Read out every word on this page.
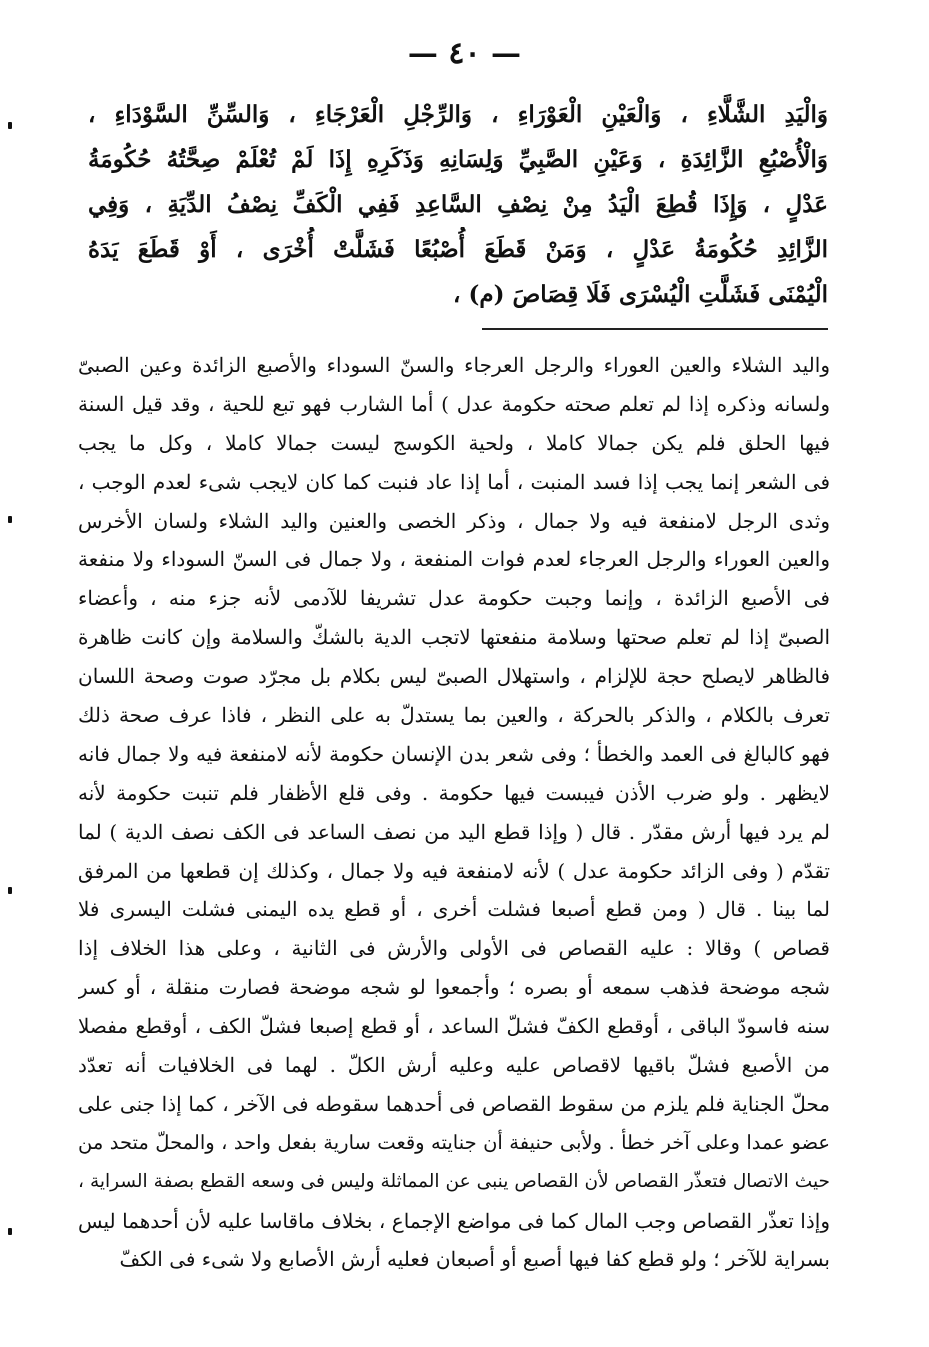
— ٤٠ —
وَالْيَدِ الشَّلَّاءِ ، وَالْعَيْنِ الْعَوْرَاءِ ، وَالرِّجْلِ الْعَرْجَاءِ ، وَالسِّنِّ السَّوْدَاءِ ،
وَالْأُصْبُعِ الزَّائِدَةِ ، وَعَيْنِ الصَّبِيِّ وَلِسَانِهِ وَذَكَرِهِ إِذَا لَمْ تُعْلَمْ صِحَّتُهُ حُكُومَةُ
عَدْلٍ ، وَإِذَا قُطِعَ الْيَدُ مِنْ نِصْفِ السَّاعِدِ فَفِي الْكَفِّ نِصْفُ الدِّيَةِ ، وَفِي
الزَّائِدِ حُكُومَةُ عَدْلٍ ، وَمَنْ قَطَعَ أُصْبُعًا فَشَلَّتْ أُخْرَى ، أَوْ قَطَعَ يَدَهُ
الْيُمْنَى فَشَلَّتِ الْيُسْرَى فَلَا قِصَاصَ (م) ،
واليد الشلاء والعين العوراء والرجل العرجاء والسنّ السوداء والأصبع الزائدة وعين الصبىّ
ولسانه وذكره إذا لم تعلم صحته حكومة عدل ) أما الشارب فهو تبع للحية ، وقد قيل السنة
فيها الحلق فلم يكن جمالا كاملا ، ولحية الكوسج ليست جمالا كاملا ، وكل ما يجب
فى الشعر إنما يجب إذا فسد المنبت ، أما إذا عاد فنبت كما كان لايجب شىء لعدم الوجب ،
وثدى الرجل لامنفعة فيه ولا جمال ، وذكر الخصى والعنين واليد الشلاء ولسان الأخرس
والعين العوراء والرجل العرجاء لعدم فوات المنفعة ، ولا جمال فى السنّ السوداء ولا منفعة
فى الأصبع الزائدة ، وإنما وجبت حكومة عدل تشريفا للآدمى لأنه جزء منه ، وأعضاء
الصبىّ إذا لم تعلم صحتها وسلامة منفعتها لاتجب الدية بالشكّ والسلامة وإن كانت ظاهرة
فالظاهر لايصلح حجة للإلزام ، واستهلال الصبىّ ليس بكلام بل مجرّد صوت وصحة اللسان
تعرف بالكلام ، والذكر بالحركة ، والعين بما يستدلّ به على النظر ، فاذا عرف صحة ذلك
فهو كالبالغ فى العمد والخطأ ؛ وفى شعر بدن الإنسان حكومة لأنه لامنفعة فيه ولا جمال فانه
لايظهر . ولو ضرب الأذن فيبست فيها حكومة . وفى قلع الأظفار فلم تنبت حكومة لأنه
لم يرد فيها أرش مقدّر . قال ( وإذا قطع اليد من نصف الساعد فى الكف نصف الدية ) لما
تقدّم ( وفى الزائد حكومة عدل ) لأنه لامنفعة فيه ولا جمال ، وكذلك إن قطعها من المرفق
لما بينا . قال ( ومن قطع أصبعا فشلت أخرى ، أو قطع يده اليمنى فشلت اليسرى فلا
قصاص ) وقالا : عليه القصاص فى الأولى والأرش فى الثانية ، وعلى هذا الخلاف إذا
شجه موضحة فذهب سمعه أو بصره ؛ وأجمعوا لو شجه موضحة فصارت منقلة ، أو كسر
سنه فاسودّ الباقى ، أوقطع الكفّ فشلّ الساعد ، أو قطع إصبعا فشلّ الكف ، أوقطع مفصلا
من الأصبع فشلّ باقيها لاقصاص عليه وعليه أرش الكلّ . لهما فى الخلافيات أنه تعدّد
محلّ الجناية فلم يلزم من سقوط القصاص فى أحدهما سقوطه فى الآخر ، كما إذا جنى على
عضو عمدا وعلى آخر خطأ . ولأبى حنيفة أن جنايته وقعت سارية بفعل واحد ، والمحلّ متحد من
حيث الاتصال فتعذّر القصاص لأن القصاص ينبى عن المماثلة وليس فى وسعه القطع بصفة السراية ،
وإذا تعذّر القصاص وجب المال كما فى مواضع الإجماع ، بخلاف ماقاسا عليه لأن أحدهما ليس
بسراية للآخر ؛ ولو قطع كفا فيها أصبع أو أصبعان فعليه أرش الأصابع ولا شىء فى الكفّ
